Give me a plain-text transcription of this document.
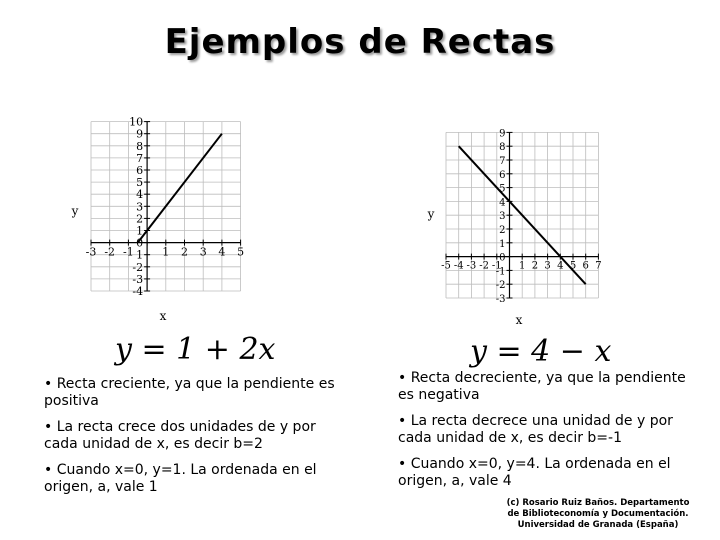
Ejemplos de Rectas
-3 -2 -1	1 2 3 4 5
-4
-3
-2
1
0
1
2
3
4
5
6
7
8
9
10
y
x
-5 -4 -3 -2 -1 1 2 3 4 5 6 7
-3
-2
-1
0
1
2
3
4
5
6
7
8
9
y
x
y = 1 + 2x	y = 4 − x
• Recta creciente, ya que la pendiente es positiva
• La recta crece dos unidades de y por cada unidad de x, es decir b=2
• Cuando x=0, y=1. La ordenada en el origen, a, vale 1
• Recta decreciente, ya que la pendiente es negativa
• La recta decrece una unidad de y por cada unidad de x, es decir b=-1
• Cuando x=0, y=4. La ordenada en el origen, a, vale 4
(c) Rosario Ruiz Baños. Departamento
de Biblioteconomía y Documentación.
Universidad de Granada (España)
